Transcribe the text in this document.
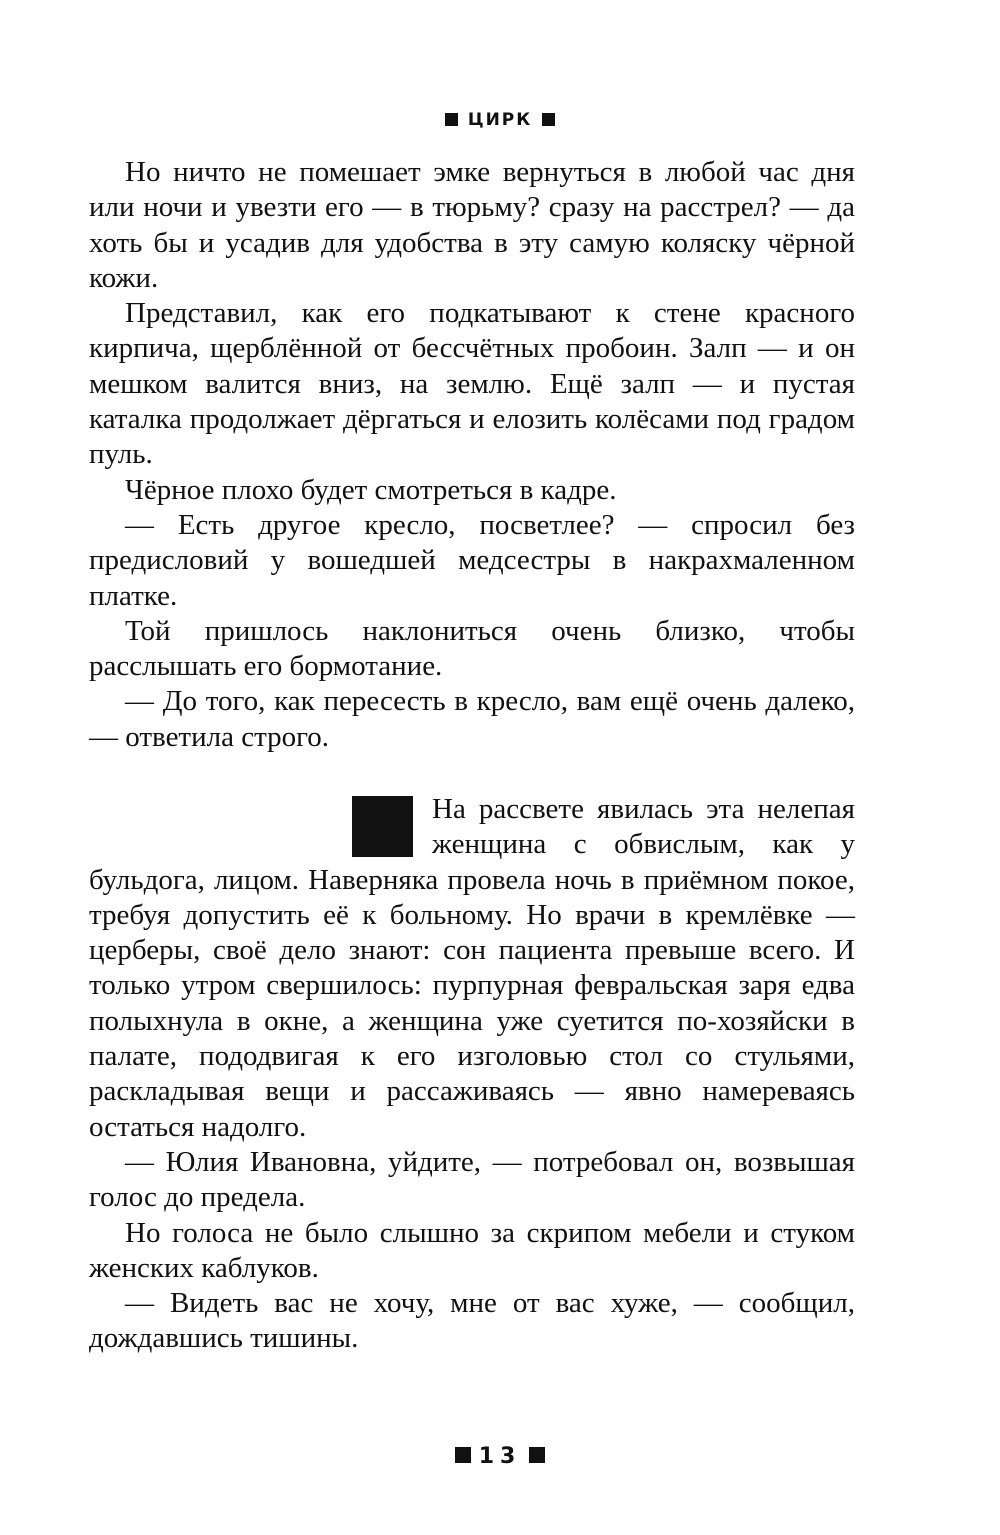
ЦИРК

Но ничто не помешает эмке вернуться в любой час дня или ночи и увезти его — в тюрьму? сразу на расстрел? — да хоть бы и усадив для удобства в эту самую коляску чёрной кожи.

Представил, как его подкатывают к стене красного кирпича, щерблённой от бессчётных пробоин. Залп — и он мешком валится вниз, на землю. Ещё залп — и пустая каталка продолжает дёргаться и елозить колёсами под градом пуль.

Чёрное плохо будет смотреться в кадре.

— Есть другое кресло, посветлее? — спросил без предисловий у вошедшей медсестры в накрахмаленном платке.

Той пришлось наклониться очень близко, чтобы расслышать его бормотание.

— До того, как пересесть в кресло, вам ещё очень далеко, — ответила строго.

На рассвете явилась эта нелепая женщина с обвислым, как у бульдога, лицом. Наверняка провела ночь в приёмном покое, требуя допустить её к больному. Но врачи в кремлёвке — церберы, своё дело знают: сон пациента превыше всего. И только утром свершилось: пурпурная февральская заря едва полыхнула в окне, а женщина уже суетится по-хозяйски в палате, пододвигая к его изголовью стол со стульями, раскладывая вещи и рассаживаясь — явно намереваясь остаться надолго.

— Юлия Ивановна, уйдите, — потребовал он, возвышая голос до предела.

Но голоса не было слышно за скрипом мебели и стуком женских каблуков.

— Видеть вас не хочу, мне от вас хуже, — сообщил, дождавшись тишины.

13
